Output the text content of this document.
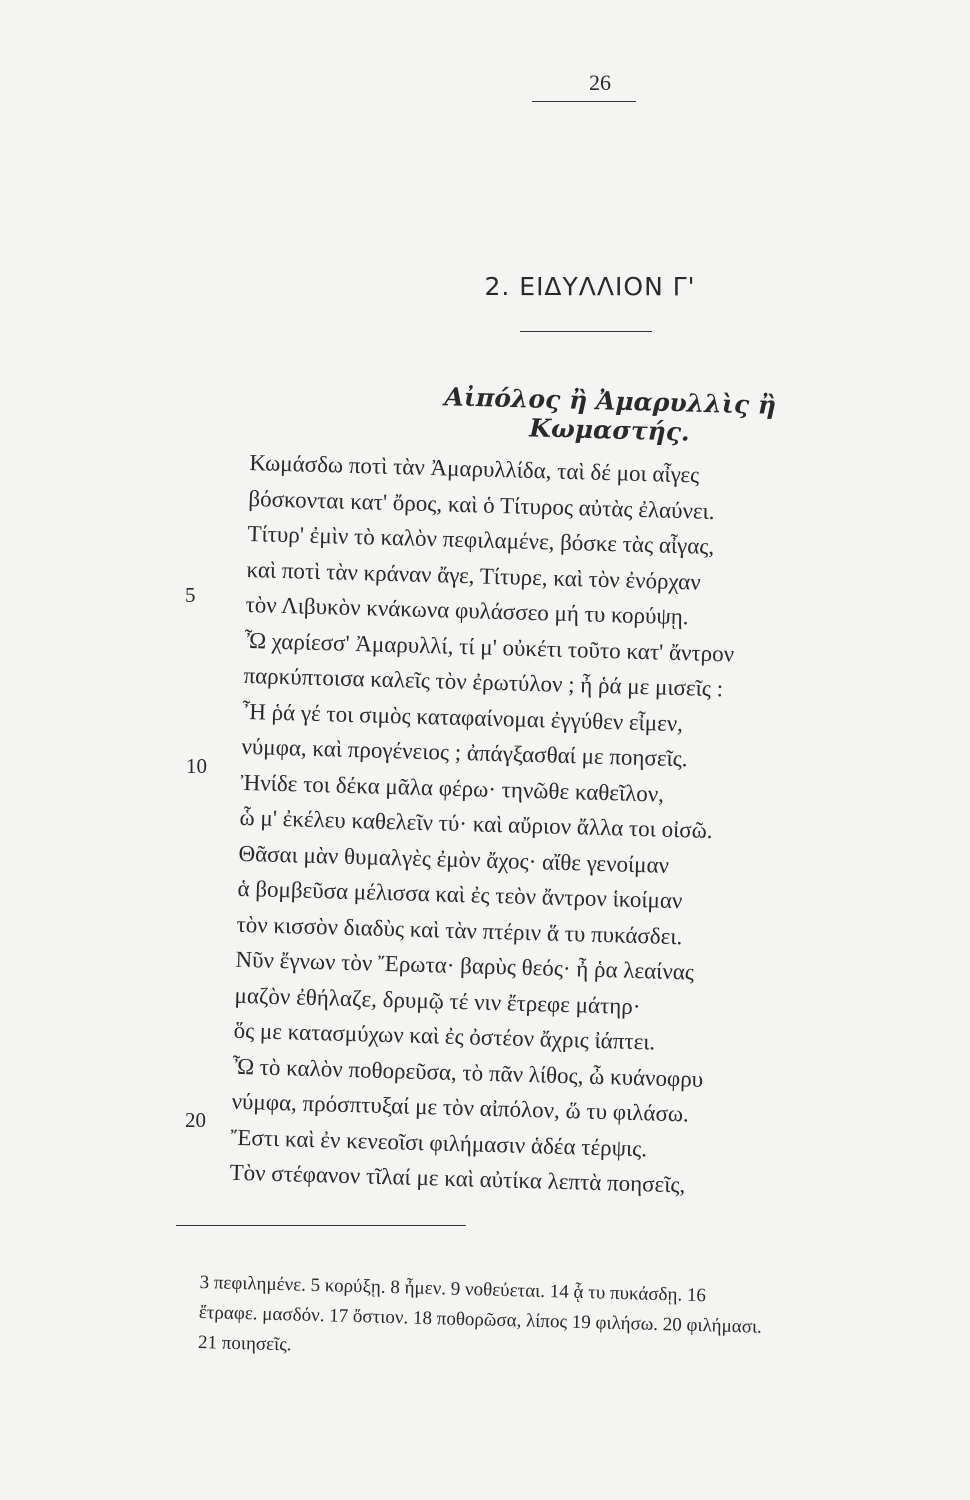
26
2. ΕΙΔΥΛΛΙΟΝ Γ'
Αἰπόλος ἢ Ἀμαρυλλὶς ἢ Κωμαστής.
5
10
20
Κωμάσδω ποτὶ τὰν Ἀμαρυλλίδα, ταὶ δέ μοι αἶγες
βόσκονται κατ' ὄρος, καὶ ὁ Τίτυρος αὐτὰς ἐλαύνει.
Τίτυρ' ἐμὶν τὸ καλὸν πεφιλαμένε, βόσκε τὰς αἶγας,
καὶ ποτὶ τὰν κράναν ἄγε, Τίτυρε, καὶ τὸν ἐνόρχαν
τὸν Λιβυκὸν κνάκωνα φυλάσσεο μή τυ κορύψῃ.
Ὦ χαρίεσσ' Ἀμαρυλλί, τί μ' οὐκέτι τοῦτο κατ' ἄντρον
παρκύπτοισα καλεῖς τὸν ἐρωτύλον ; ἦ ῥά με μισεῖς :
Ἦ ῥά γέ τοι σιμὸς καταφαίνομαι ἐγγύθεν εἶμεν,
νύμφα, καὶ προγένειος ; ἀπάγξασθαί με ποησεῖς.
Ἠνίδε τοι δέκα μᾶλα φέρω· τηνῶθε καθεῖλον,
ὧ μ' ἐκέλευ καθελεῖν τύ· καὶ αὔριον ἄλλα τοι οἰσῶ.
Θᾶσαι μὰν θυμαλγὲς ἐμὸν ἄχος· αἴθε γενοίμαν
ἁ βομβεῦσα μέλισσα καὶ ἐς τεὸν ἄντρον ἱκοίμαν
τὸν κισσὸν διαδὺς καὶ τὰν πτέριν ἅ τυ πυκάσδει.
Νῦν ἔγνων τὸν Ἔρωτα· βαρὺς θεός· ἦ ῥα λεαίνας
μαζὸν ἐθήλαζε, δρυμῷ τέ νιν ἔτρεφε μάτηρ·
ὅς με κατασμύχων καὶ ἐς ὀστέον ἄχρις ἰάπτει.
Ὦ τὸ καλὸν ποθορεῦσα, τὸ πᾶν λίθος, ὦ κυάνοφρυ
νύμφα, πρόσπτυξαί με τὸν αἰπόλον, ὥ τυ φιλάσω.
Ἔστι καὶ ἐν κενεοῖσι φιλήμασιν ἁδέα τέρψις.
Τὸν στέφανον τῖλαί με καὶ αὐτίκα λεπτὰ ποησεῖς,
3 πεφιλημένε. 5 κορύξῃ. 8 ἦμεν. 9 νοθεύεται. 14 ᾇ τυ πυκάσδῃ. 16
ἔτραφε. μασδόν. 17 ὄστιον. 18 ποθορῶσα, λίπος 19 φιλήσω. 20 φιλήμασι.
21 ποιησεῖς.
